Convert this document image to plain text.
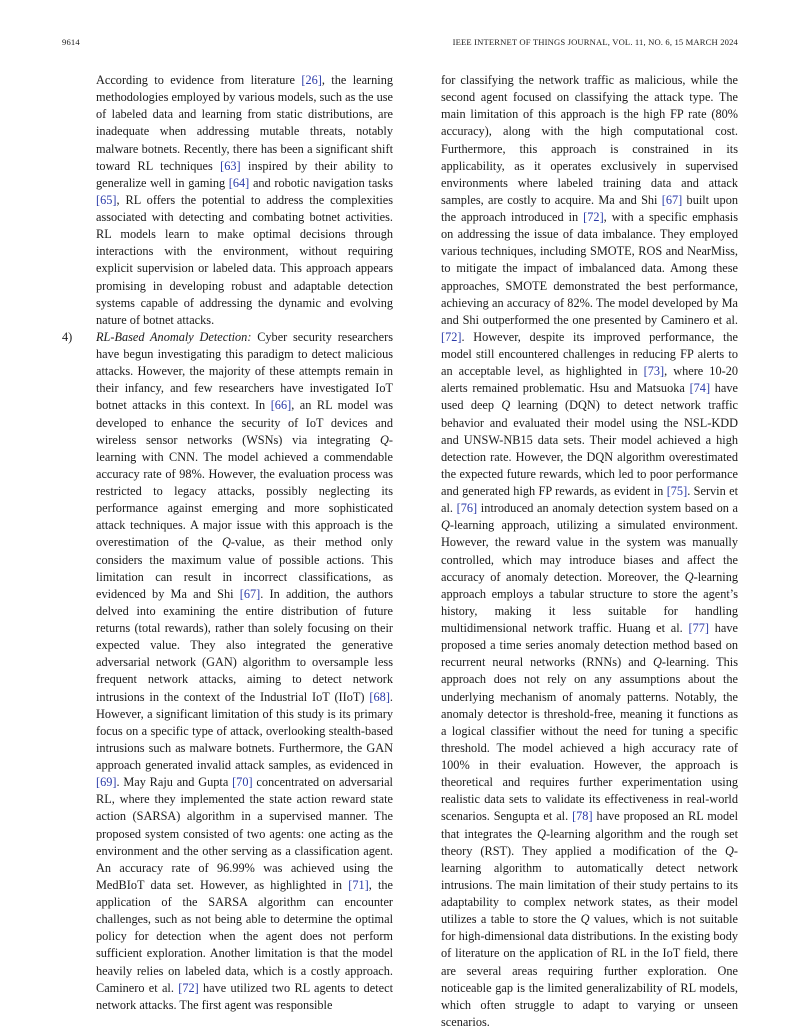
9614	IEEE INTERNET OF THINGS JOURNAL, VOL. 11, NO. 6, 15 MARCH 2024

According to evidence from literature [26], the learning methodologies employed by various models, such as the use of labeled data and learning from static distributions, are inadequate when addressing mutable threats, notably malware botnets. Recently, there has been a significant shift toward RL techniques [63] inspired by their ability to generalize well in gaming [64] and robotic navigation tasks [65], RL offers the potential to address the complexities associated with detecting and combating botnet activities. RL models learn to make optimal decisions through interactions with the environment, without requiring explicit supervision or labeled data. This approach appears promising in developing robust and adaptable detection systems capable of addressing the dynamic and evolving nature of botnet attacks.

4) RL-Based Anomaly Detection: Cyber security researchers have begun investigating this paradigm to detect malicious attacks. However, the majority of these attempts remain in their infancy, and few researchers have investigated IoT botnet attacks in this context. In [66], an RL model was developed to enhance the security of IoT devices and wireless sensor networks (WSNs) via integrating Q-learning with CNN. The model achieved a commendable accuracy rate of 98%. However, the evaluation process was restricted to legacy attacks, possibly neglecting its performance against emerging and more sophisticated attack techniques. A major issue with this approach is the overestimation of the Q-value, as their method only considers the maximum value of possible actions. This limitation can result in incorrect classifications, as evidenced by Ma and Shi [67]. In addition, the authors delved into examining the entire distribution of future returns (total rewards), rather than solely focusing on their expected value. They also integrated the generative adversarial network (GAN) algorithm to oversample less frequent network attacks, aiming to detect network intrusions in the context of the Industrial IoT (IIoT) [68]. However, a significant limitation of this study is its primary focus on a specific type of attack, overlooking stealth-based intrusions such as malware botnets. Furthermore, the GAN approach generated invalid attack samples, as evidenced in [69]. May Raju and Gupta [70] concentrated on adversarial RL, where they implemented the state action reward state action (SARSA) algorithm in a supervised manner. The proposed system consisted of two agents: one acting as the environment and the other serving as a classification agent. An accuracy rate of 96.99% was achieved using the MedBIoT data set. However, as highlighted in [71], the application of the SARSA algorithm can encounter challenges, such as not being able to determine the optimal policy for detection when the agent does not perform sufficient exploration. Another limitation is that the model heavily relies on labeled data, which is a costly approach. Caminero et al. [72] have utilized two RL agents to detect network attacks. The first agent was responsible

for classifying the network traffic as malicious, while the second agent focused on classifying the attack type. The main limitation of this approach is the high FP rate (80% accuracy), along with the high computational cost. Furthermore, this approach is constrained in its applicability, as it operates exclusively in supervised environments where labeled training data and attack samples, are costly to acquire. Ma and Shi [67] built upon the approach introduced in [72], with a specific emphasis on addressing the issue of data imbalance. They employed various techniques, including SMOTE, ROS and NearMiss, to mitigate the impact of imbalanced data. Among these approaches, SMOTE demonstrated the best performance, achieving an accuracy of 82%. The model developed by Ma and Shi outperformed the one presented by Caminero et al. [72]. However, despite its improved performance, the model still encountered challenges in reducing FP alerts to an acceptable level, as highlighted in [73], where 10-20 alerts remained problematic. Hsu and Matsuoka [74] have used deep Q learning (DQN) to detect network traffic behavior and evaluated their model using the NSL-KDD and UNSW-NB15 data sets. Their model achieved a high detection rate. However, the DQN algorithm overestimated the expected future rewards, which led to poor performance and generated high FP rewards, as evident in [75]. Servin et al. [76] introduced an anomaly detection system based on a Q-learning approach, utilizing a simulated environment. However, the reward value in the system was manually controlled, which may introduce biases and affect the accuracy of anomaly detection. Moreover, the Q-learning approach employs a tabular structure to store the agent’s history, making it less suitable for handling multidimensional network traffic. Huang et al. [77] have proposed a time series anomaly detection method based on recurrent neural networks (RNNs) and Q-learning. This approach does not rely on any assumptions about the underlying mechanism of anomaly patterns. Notably, the anomaly detector is threshold-free, meaning it functions as a logical classifier without the need for tuning a specific threshold. The model achieved a high accuracy rate of 100% in their evaluation. However, the approach is theoretical and requires further experimentation using realistic data sets to validate its effectiveness in real-world scenarios. Sengupta et al. [78] have proposed an RL model that integrates the Q-learning algorithm and the rough set theory (RST). They applied a modification of the Q-learning algorithm to automatically detect network intrusions. The main limitation of their study pertains to its adaptability to complex network states, as their model utilizes a table to store the Q values, which is not suitable for high-dimensional data distributions. In the existing body of literature on the application of RL in the IoT field, there are several areas requiring further exploration. One noticeable gap is the limited generalizability of RL models, which often struggle to adapt to varying or unseen scenarios.
